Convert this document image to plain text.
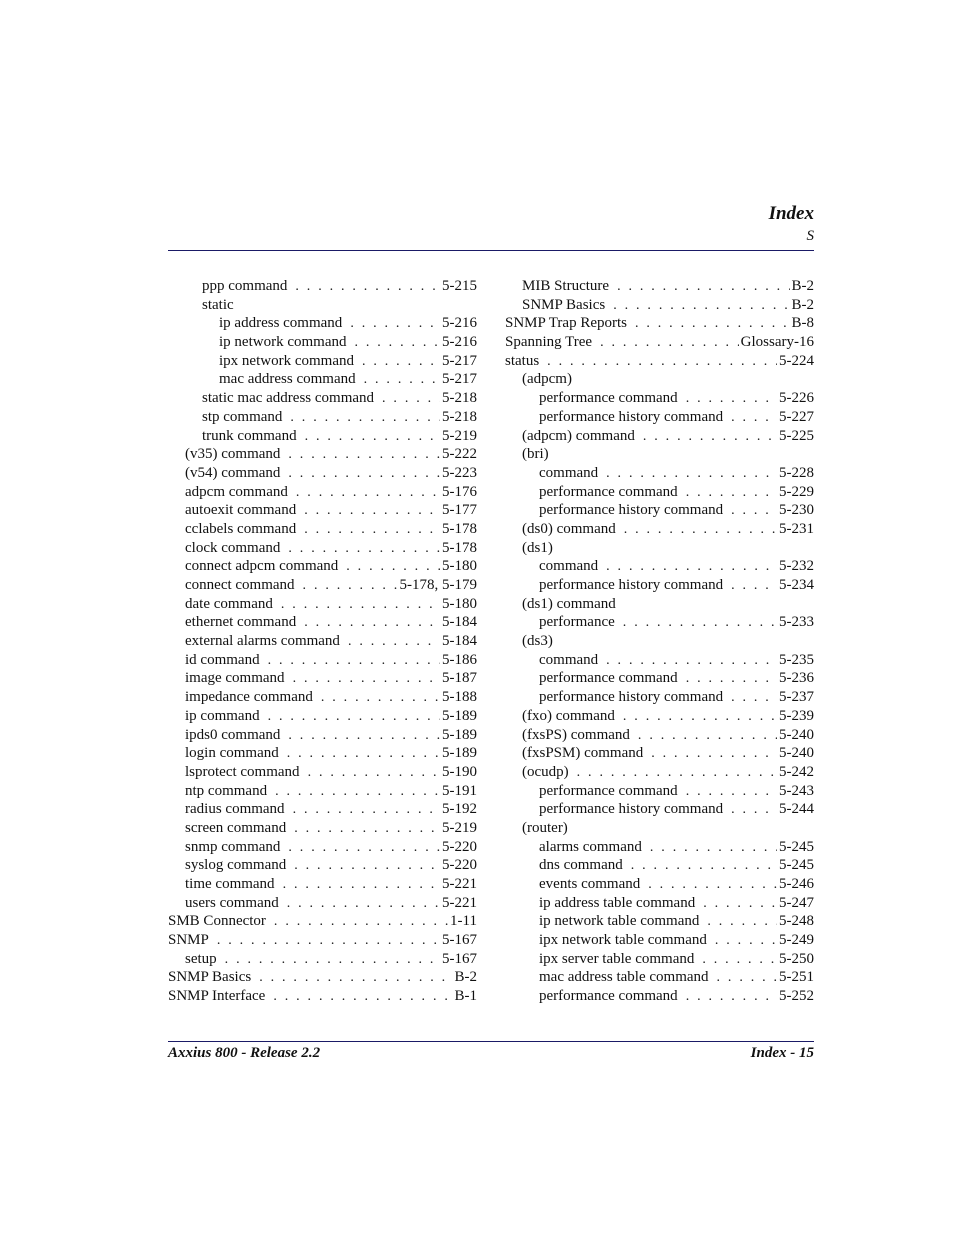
Index
S
ppp command . . .	5-215
static
ip address command . . .	5-216
ip network command . . .	5-216
ipx network command . . .	5-217
mac address command . . .	5-217
static mac address command . . .	5-218
stp command . . .	5-218
trunk command . . .	5-219
(v35) command . . .	5-222
(v54) command . . .	5-223
adpcm command . . .	5-176
autoexit command . . .	5-177
cclabels command . . .	5-178
clock command . . .	5-178
connect adpcm command . . .	5-180
connect command . . .	5-178, 5-179
date command . . .	5-180
ethernet command . . .	5-184
external alarms command . . .	5-184
id command . . .	5-186
image command . . .	5-187
impedance command . . .	5-188
ip command . . .	5-189
ipds0 command . . .	5-189
login command . . .	5-189
lsprotect command . . .	5-190
ntp command . . .	5-191
radius command . . .	5-192
screen command . . .	5-219
snmp command . . .	5-220
syslog command . . .	5-220
time command . . .	5-221
users command . . .	5-221
SMB Connector . . .	1-11
SNMP . . .	5-167
setup . . .	5-167
SNMP Basics . . .	B-2
SNMP Interface . . .	B-1
MIB Structure . . .	B-2
SNMP Basics . . .	B-2
SNMP Trap Reports . . .	B-8
Spanning Tree . . .	Glossary-16
status . . .	5-224
(adpcm)
performance command . . .	5-226
performance history command . . .	5-227
(adpcm) command . . .	5-225
(bri)
command . . .	5-228
performance command . . .	5-229
performance history command . . .	5-230
(ds0) command . . .	5-231
(ds1)
command . . .	5-232
performance history command . . .	5-234
(ds1) command
performance . . .	5-233
(ds3)
command . . .	5-235
performance command . . .	5-236
performance history command . . .	5-237
(fxo) command . . .	5-239
(fxsPS) command . . .	5-240
(fxsPSM) command . . .	5-240
(ocudp) . . .	5-242
performance command . . .	5-243
performance history command . . .	5-244
(router)
alarms command . . .	5-245
dns command . . .	5-245
events command . . .	5-246
ip address table command . . .	5-247
ip network table command . . .	5-248
ipx network table command . . .	5-249
ipx server table command . . .	5-250
mac address table command . . .	5-251
performance command . . .	5-252
Axxius 800 - Release 2.2	Index - 15
